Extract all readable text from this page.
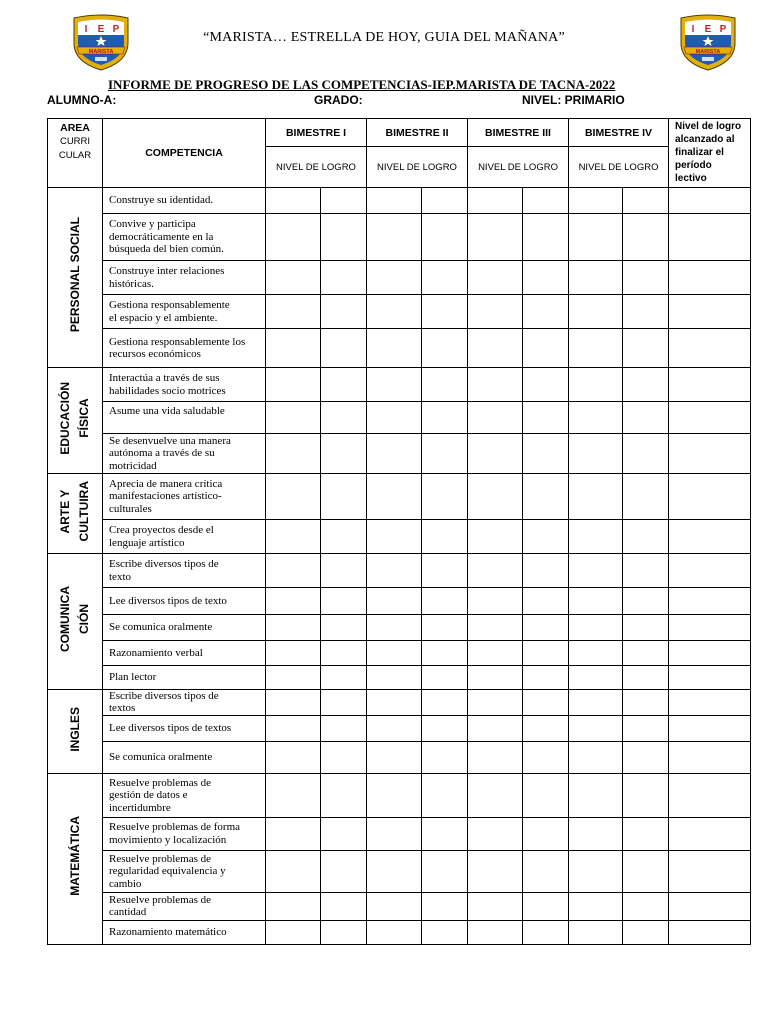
I E P
MARISTA
“MARISTA… ESTRELLA DE HOY, GUIA DEL MAÑANA”
I E P
MARISTA
INFORME DE PROGRESO DE LAS COMPETENCIAS-IEP.MARISTA DE TACNA-2022
ALUMNO-A:	GRADO:	NIVEL: PRIMARIO
AREA
CURRI
CULAR	COMPETENCIA	BIMESTRE I		BIMESTRE II		BIMESTRE III		BIMESTRE IV		Nivel de logro
alcanzado al
finalizar el
período
lectivo
		NIVEL DE LOGRO		NIVEL DE LOGRO		NIVEL DE LOGRO		NIVEL DE LOGRO		
PERSONAL SOCIAL	Construye su identidad.									
	Convive y participa
democráticamente en la
búsqueda del bien común.									
	Construye inter relaciones
históricas.									
	Gestiona responsablemente
el espacio y el ambiente.									
	Gestiona responsablemente los
recursos económicos									
EDUCACIÓN
FÍSICA	Interactúa a través de sus
habilidades socio motrices									
	Asume una vida saludable									
	Se desenvuelve una manera
autónoma a través de su
motricidad									
ARTE Y
CULTUIRA	Aprecia de manera crítica
manifestaciones artístico-
culturales									
	Crea proyectos desde el
lenguaje artístico									
COMUNICA
CIÓN	Escribe diversos tipos de
texto									
	Lee diversos tipos de texto									
	Se comunica oralmente									
	Razonamiento verbal									
	Plan lector									
INGLES	Escribe diversos tipos de
textos									
	Lee diversos tipos de textos									
	Se comunica oralmente									
MATEMÁTICA	Resuelve problemas de
gestión de datos e
incertidumbre									
	Resuelve problemas de forma
movimiento y localización									
	Resuelve problemas de
regularidad equivalencia y
cambio									
	Resuelve problemas de
cantidad									
	Razonamiento matemático									
